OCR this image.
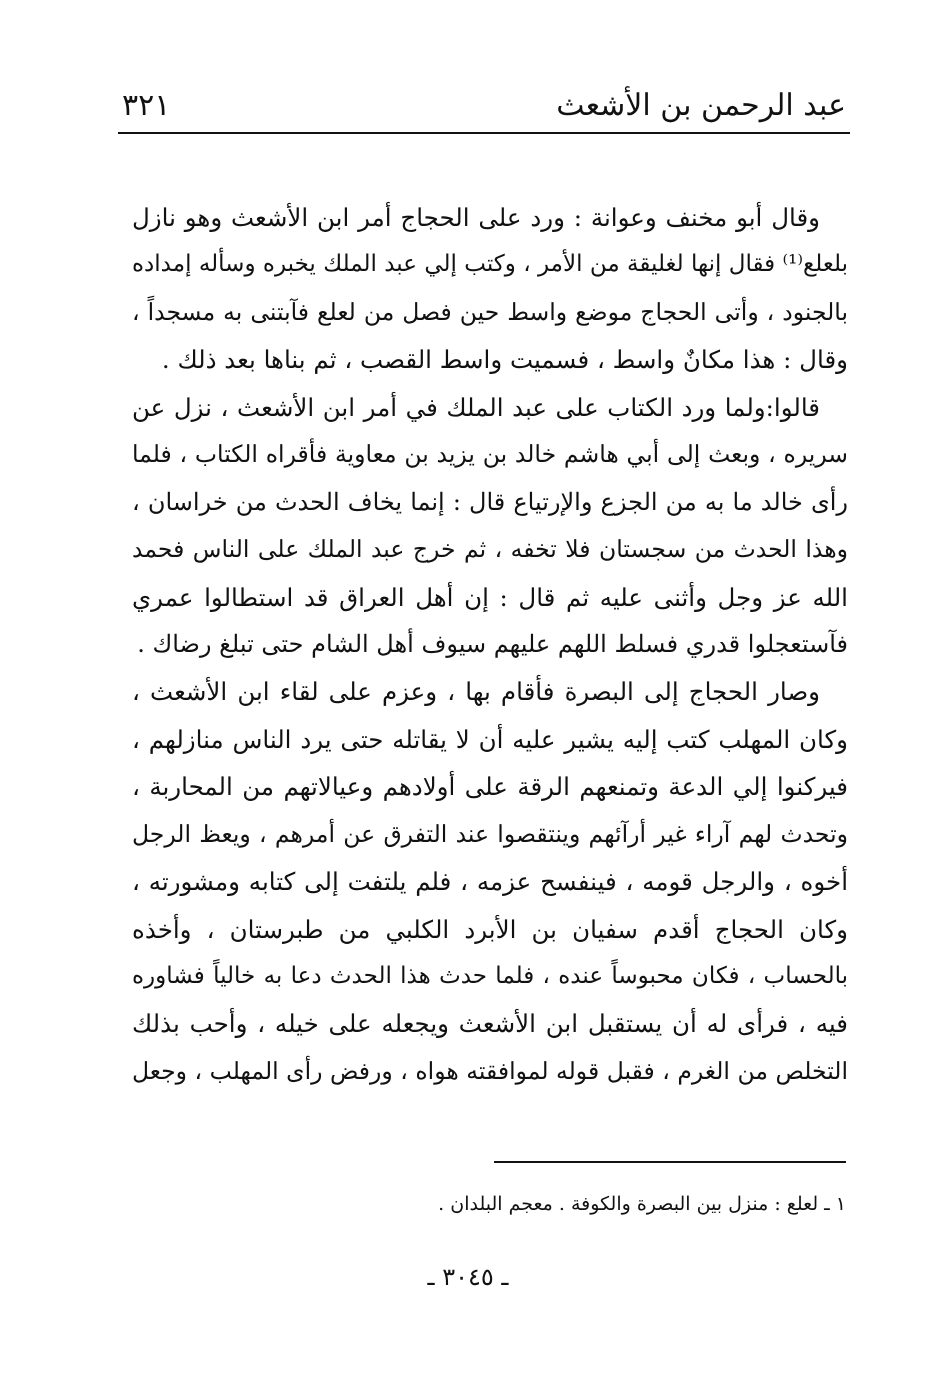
عبد الرحمن بن الأشعث
٣٢١
وقال أبو مخنف وعوانة : ورد على الحجاج أمر ابن الأشعث وهو نازل
بلعلع⁽¹⁾ فقال إنها لغليقة من الأمر ، وكتب إلي عبد الملك يخبره وسأله إمداده
بالجنود ، وأتى الحجاج موضع واسط حين فصل من لعلع فآبتنى به مسجداً ،
وقال : هذا مكانٌ واسط ، فسميت واسط القصب ، ثم بناها بعد ذلك .
قالوا:ولما ورد الكتاب على عبد الملك في أمر ابن الأشعث ، نزل عن
سريره ، وبعث إلى أبي هاشم خالد بن يزيد بن معاوية فأقراه الكتاب ، فلما
رأى خالد ما به من الجزع والإرتياع قال : إنما يخاف الحدث من خراسان ،
وهذا الحدث من سجستان فلا تخفه ، ثم خرج عبد الملك على الناس فحمد
الله عز وجل وأثنى عليه ثم قال : إن أهل العراق قد استطالوا عمري
فآستعجلوا قدري فسلط اللهم عليهم سيوف أهل الشام حتى تبلغ رضاك .
وصار الحجاج إلى البصرة فأقام بها ، وعزم على لقاء ابن الأشعث ،
وكان المهلب كتب إليه يشير عليه أن لا يقاتله حتى يرد الناس منازلهم ،
فيركنوا إلي الدعة وتمنعهم الرقة على أولادهم وعيالاتهم من المحاربة ،
وتحدث لهم آراء غير أرآئهم وينتقصوا عند التفرق عن أمرهم ، ويعظ الرجل
أخوه ، والرجل قومه ، فينفسح عزمه ، فلم يلتفت إلى كتابه ومشورته ،
وكان الحجاج أقدم سفيان بن الأبرد الكلبي من طبرستان ، وأخذه
بالحساب ، فكان محبوساً عنده ، فلما حدث هذا الحدث دعا به خالياً فشاوره
فيه ، فرأى له أن يستقبل ابن الأشعث ويجعله على خيله ، وأحب بذلك
التخلص من الغرم ، فقبل قوله لموافقته هواه ، ورفض رأى المهلب ، وجعل
١ ـ لعلع : منزل بين البصرة والكوفة . معجم البلدان .
ـ ٣٠٤٥ ـ
